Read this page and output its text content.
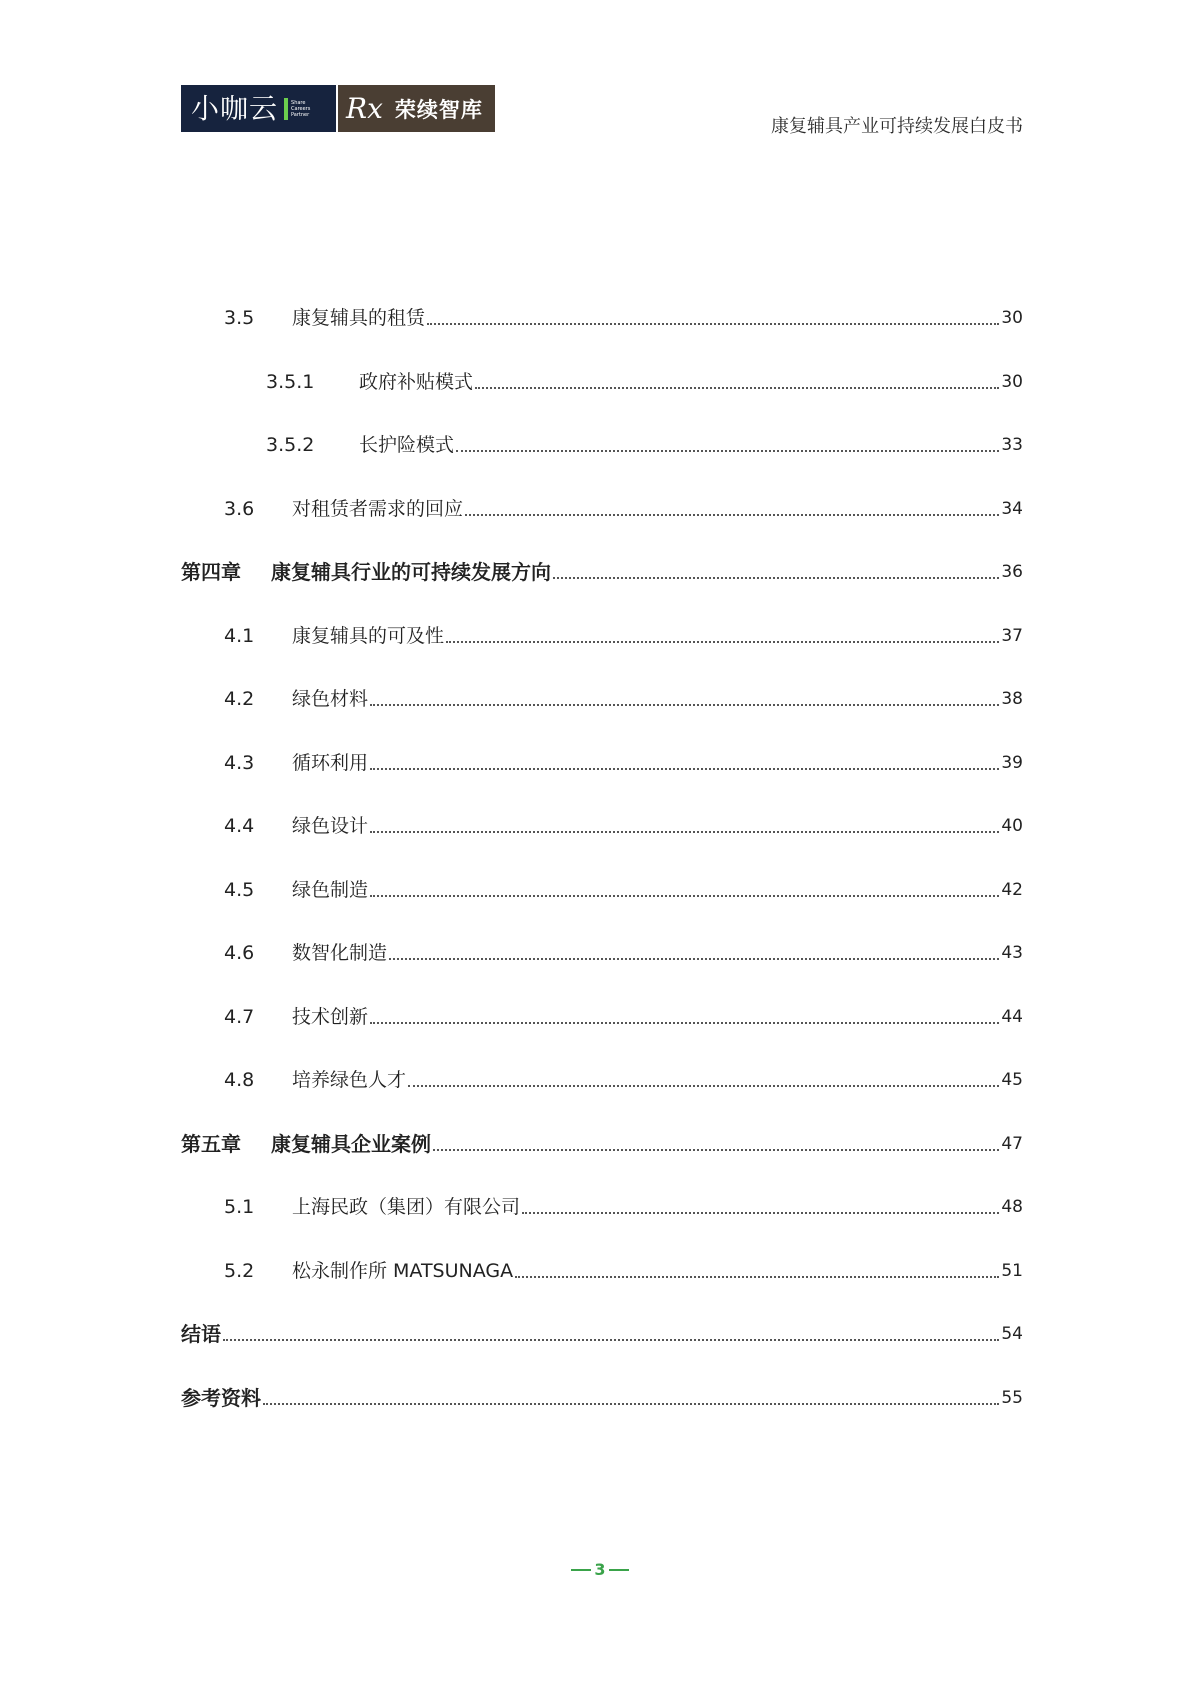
小咖云	Share
Careers
Partner Rx 荣续智库
康复辅具产业可持续发展白皮书
3.5	康复辅具的租赁	30
3.5.1	政府补贴模式	30
3.5.2	长护险模式	33
3.6	对租赁者需求的回应	34
第四章	康复辅具行业的可持续发展方向	36
4.1	康复辅具的可及性	37
4.2	绿色材料	38
4.3	循环利用	39
4.4	绿色设计	40
4.5	绿色制造	42
4.6	数智化制造	43
4.7	技术创新	44
4.8	培养绿色人才	45
第五章	康复辅具企业案例	47
5.1	上海民政（集团）有限公司	48
5.2	松永制作所 MATSUNAGA	51
结语	54
参考资料	55
3
